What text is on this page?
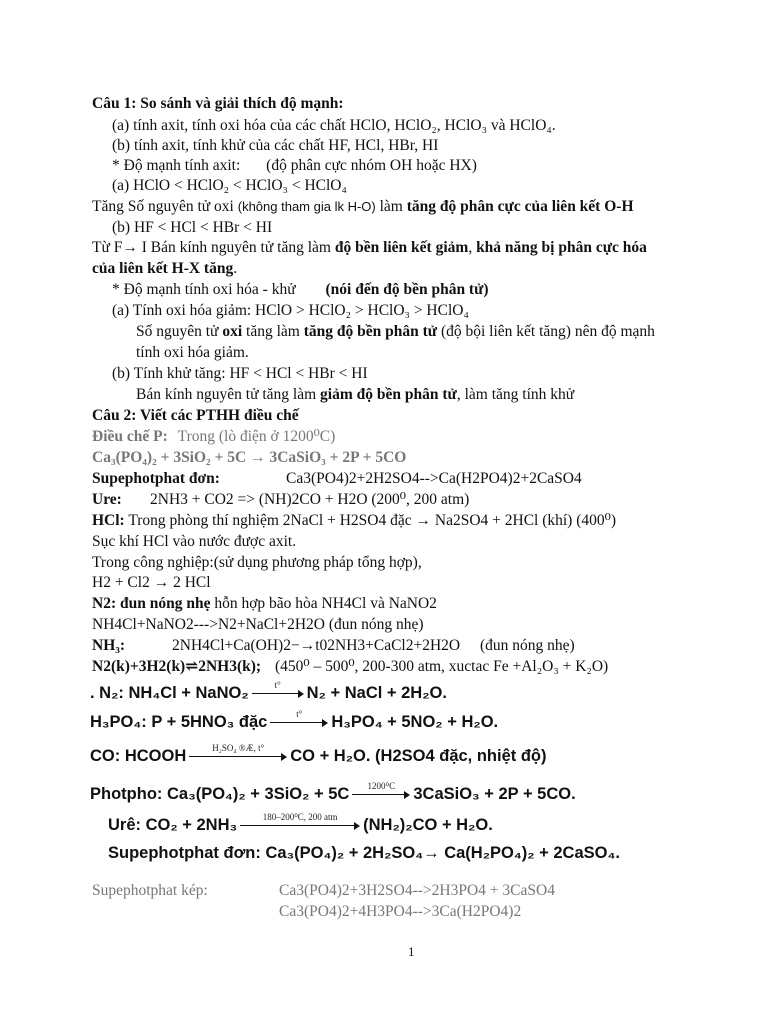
Câu 1: So sánh và giải thích độ mạnh:
(a) tính axit, tính oxi hóa của các chất HClO, HClO₂, HClO₃ và HClO₄.
(b) tính axit, tính khử của các chất HF, HCl, HBr, HI
* Độ mạnh tính axit: (độ phân cực nhóm OH hoặc HX)
(a) HClO < HClO₂ < HClO₃ < HClO₄
Tăng Số nguyên tử oxi (không tham gia lk H-O) làm tăng độ phân cực của liên kết O-H
(b) HF < HCl < HBr < HI
Từ F→ I Bán kính nguyên tử tăng làm độ bền liên kết giảm, khả năng bị phân cực hóa
của liên kết H-X tăng.
* Độ mạnh tính oxi hóa - khử (nói đến độ bền phân tử)
(a) Tính oxi hóa giảm: HClO > HClO₂ > HClO₃ > HClO₄
Số nguyên tử oxi tăng làm tăng độ bền phân tử (độ bội liên kết tăng) nên độ mạnh
tính oxi hóa giảm.
(b) Tính khử tăng: HF < HCl < HBr < HI
Bán kính nguyên tử tăng làm giảm độ bền phân tử, làm tăng tính khử
Câu 2: Viết các PTHH điều chế
Điều chế P: Trong (lò điện ở 1200⁰C)
Ca₃(PO₄)₂ + 3SiO₂ + 5C → 3CaSiO₃ + 2P + 5CO
Supephotphat đơn:	Ca3(PO4)2+2H2SO4-->Ca(H2PO4)2+2CaSO4
Ure: 2NH3 + CO2 => (NH)2CO + H2O (200⁰, 200 atm)
HCl: Trong phòng thí nghiệm 2NaCl + H2SO4 đặc → Na2SO4 + 2HCl (khí) (400⁰)
Sục khí HCl vào nước được axit.
Trong công nghiệp:(sử dụng phương pháp tổng hợp),
H2 + Cl2 → 2 HCl
N2: đun nóng nhẹ hỗn hợp bão hòa NH4Cl và NaNO2
NH4Cl+NaNO2--->N2+NaCl+2H2O (đun nóng nhẹ)
NH₃:	2NH4Cl+Ca(OH)2−→t02NH3+CaCl2+2H2O (đun nóng nhẹ)
N2(k)+3H2(k)⇌2NH3(k); (450⁰ – 500⁰, 200-300 atm, xuctac Fe +Al₂O₃ + K₂O)
. N₂: NH₄Cl + NaNO₂	t°	N₂ + NaCl + 2H₂O.
H₃PO₄: P + 5HNO₃ đặc	t°	H₃PO₄ + 5NO₂ + H₂O.
CO: HCOOH	H₂SO₄ ®Æ, t°	CO + H₂O. (H2SO4 đặc, nhiệt độ)
Photpho: Ca₃(PO₄)₂ + 3SiO₂ + 5C	1200⁰C	3CaSiO₃ + 2P + 5CO.
Urê: CO₂ + 2NH₃	180–200⁰C, 200 atm	(NH₂)₂CO + H₂O.
Supephotphat đơn: Ca₃(PO₄)₂ + 2H₂SO₄→ Ca(H₂PO₄)₂ + 2CaSO₄.
Supephotphat kép:	Ca3(PO4)2+3H2SO4-->2H3PO4 + 3CaSO4
Ca3(PO4)2+4H3PO4-->3Ca(H2PO4)2
1
